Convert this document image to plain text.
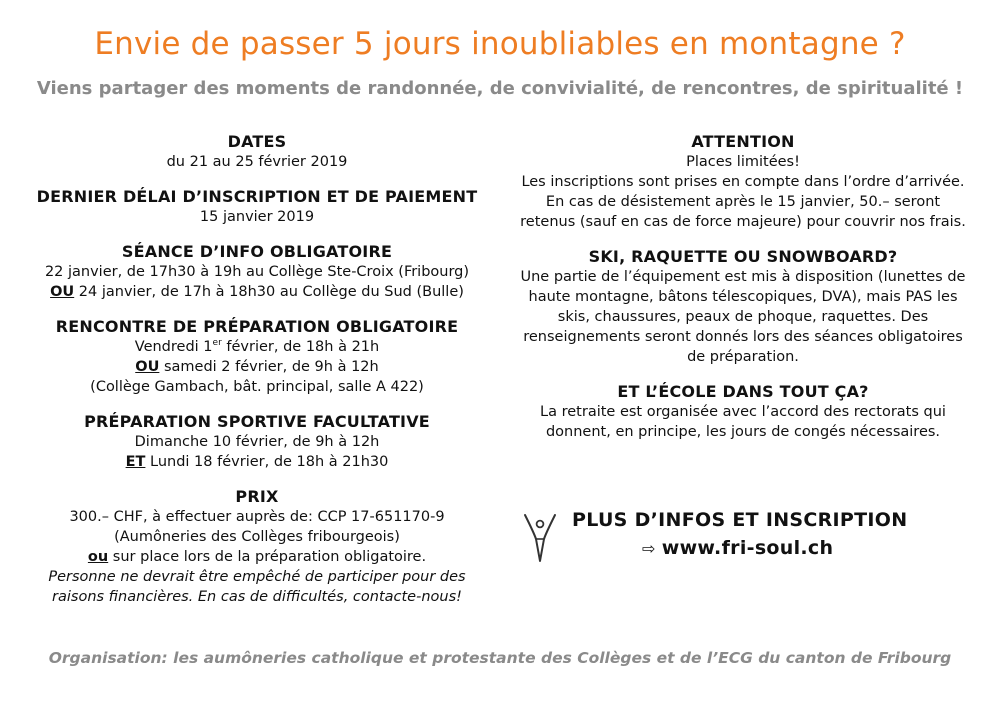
Envie de passer 5 jours inoubliables en montagne ?
Viens partager des moments de randonnée, de convivialité, de rencontres, de spiritualité !
DATES
du 21 au 25 février 2019
DERNIER DÉLAI D’INSCRIPTION ET DE PAIEMENT
15 janvier 2019
SÉANCE D’INFO OBLIGATOIRE
22 janvier, de 17h30 à 19h au Collège Ste-Croix (Fribourg)
OU 24 janvier, de 17h à 18h30 au Collège du Sud (Bulle)
RENCONTRE DE PRÉPARATION OBLIGATOIRE
Vendredi 1er février, de 18h à 21h
OU samedi 2 février, de 9h à 12h
(Collège Gambach, bât. principal, salle A 422)
PRÉPARATION SPORTIVE FACULTATIVE
Dimanche 10 février, de 9h à 12h
ET Lundi 18 février, de 18h à 21h30
PRIX
300.– CHF, à effectuer auprès de: CCP 17-651170-9
(Aumôneries des Collèges fribourgeois)
ou sur place lors de la préparation obligatoire.
Personne ne devrait être empêché de participer pour des
raisons financières. En cas de difficultés, contacte-nous!
ATTENTION
Places limitées!
Les inscriptions sont prises en compte dans l’ordre d’arrivée.
En cas de désistement après le 15 janvier, 50.– seront
retenus (sauf en cas de force majeure) pour couvrir nos frais.
SKI, RAQUETTE OU SNOWBOARD?
Une partie de l’équipement est mis à disposition (lunettes de
haute montagne, bâtons télescopiques, DVA), mais PAS les
skis, chaussures, peaux de phoque, raquettes. Des
renseignements seront donnés lors des séances obligatoires
de préparation.
ET L’ÉCOLE DANS TOUT ÇA?
La retraite est organisée avec l’accord des rectorats qui
donnent, en principe, les jours de congés nécessaires.
PLUS D’INFOS ET INSCRIPTION
⇨ www.fri-soul.ch
Organisation: les aumôneries catholique et protestante des Collèges et de l’ECG du canton de Fribourg
